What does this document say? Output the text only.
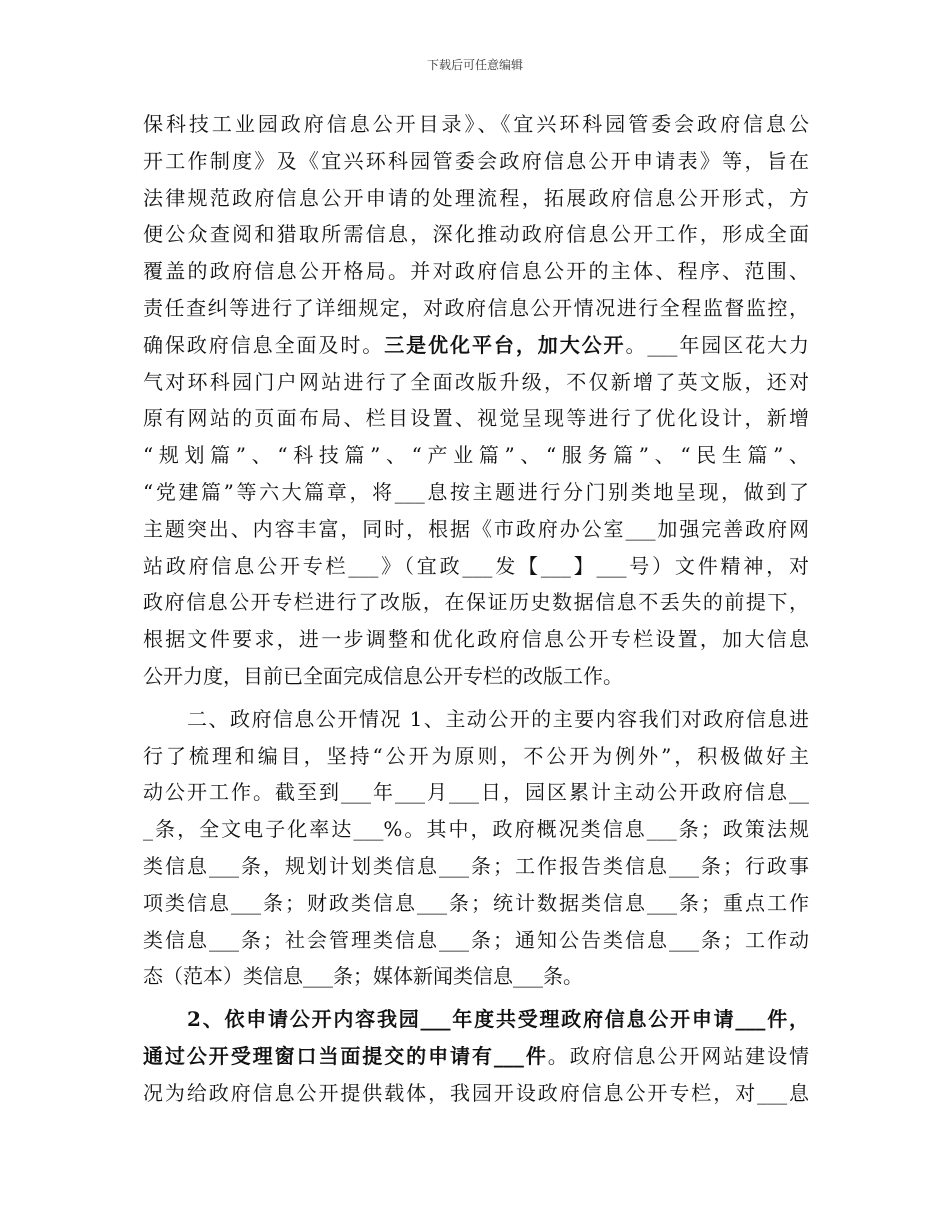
下载后可任意编辑
保科技工业园政府信息公开目录》、《宜兴环科园管委会政府信息公
开工作制度》及《宜兴环科园管委会政府信息公开申请表》等，旨在
法律规范政府信息公开申请的处理流程，拓展政府信息公开形式，方
便公众查阅和猎取所需信息，深化推动政府信息公开工作，形成全面
覆盖的政府信息公开格局。并对政府信息公开的主体、程序、范围、
责任查纠等进行了详细规定，对政府信息公开情况进行全程监督监控，
确保政府信息全面及时。三是优化平台，加大公开。___年园区花大力
气对环科园门户网站进行了全面改版升级，不仅新增了英文版，还对
原有网站的页面布局、栏目设置、视觉呈现等进行了优化设计，新增
“规划篇”、“科技篇”、“产业篇”、“服务篇”、“民生篇”、
“党建篇”等六大篇章，将___息按主题进行分门别类地呈现，做到了
主题突出、内容丰富，同时，根据《市政府办公室___加强完善政府网
站政府信息公开专栏___》（宜政___发【___】___号）文件精神，对
政府信息公开专栏进行了改版，在保证历史数据信息不丢失的前提下，
根据文件要求，进一步调整和优化政府信息公开专栏设置，加大信息
公开力度，目前已全面完成信息公开专栏的改版工作。
二、政府信息公开情况 1、主动公开的主要内容我们对政府信息进
行了梳理和编目，坚持“公开为原则，不公开为例外”，积极做好主
动公开工作。截至到___年___月___日，园区累计主动公开政府信息__
_条，全文电子化率达___%。其中，政府概况类信息___条；政策法规
类信息___条，规划计划类信息___条；工作报告类信息___条；行政事
项类信息___条；财政类信息___条；统计数据类信息___条；重点工作
类信息___条；社会管理类信息___条；通知公告类信息___条；工作动
态（范本）类信息___条；媒体新闻类信息___条。
2、依申请公开内容我园___年度共受理政府信息公开申请___件，
通过公开受理窗口当面提交的申请有___件。政府信息公开网站建设情
况为给政府信息公开提供载体，我园开设政府信息公开专栏，对___息
